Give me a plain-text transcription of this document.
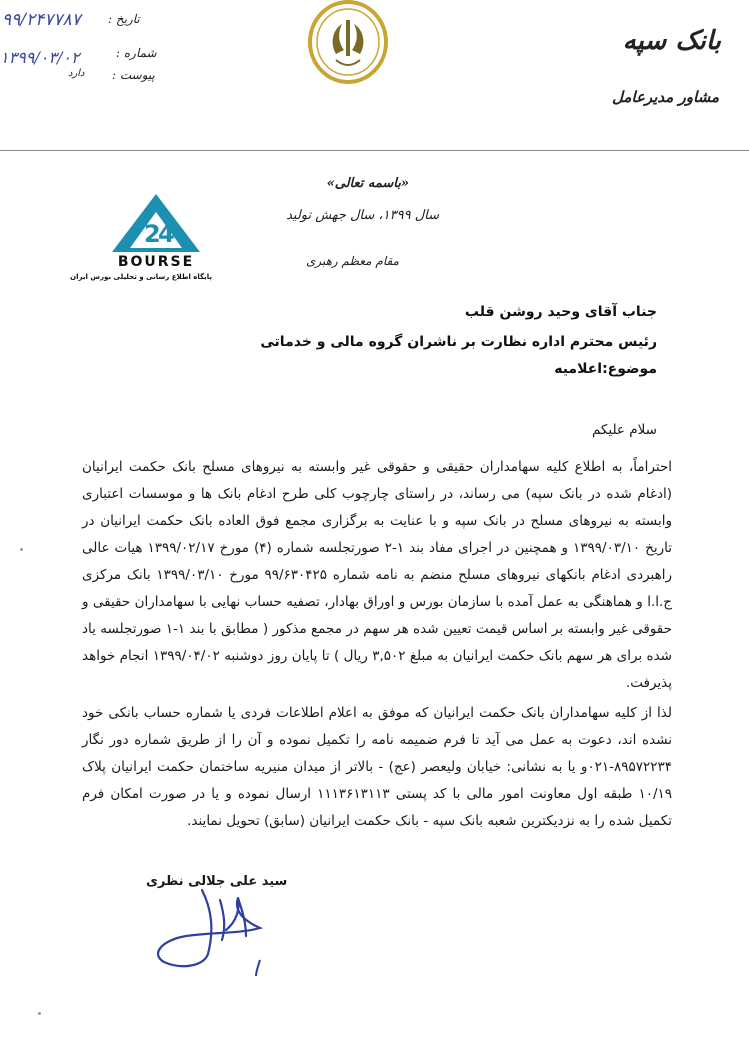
۹۹/۲۴۷۷۸۷ تاریخ :
۱۳۹۹/۰۳/۰۲	شماره :
دارد پیوست :
بانک سپه
مشاور مدیرعامل
2
4
BOURSE
پایگاه اطلاع رسانی و تحلیلی بورس ایران
«باسمه تعالی»
سال ۱۳۹۹، سال جهش تولید
مقام معظم رهبری
جناب آقای وحید روشن قلب
رئیس محترم اداره نظارت بر ناشران گروه مالی و خدماتی
موضوع:اعلامیه
سلام علیکم
احتراماً، به اطلاع کلیه سهامداران حقیقی و حقوقی غیر وابسته به نیروهای مسلح بانک حکمت ایرانیان (ادغام شده در بانک سپه) می رساند، در راستای چارچوب کلی طرح ادغام بانک ها و موسسات اعتباری وابسته به نیروهای مسلح در بانک سپه و با عنایت به برگزاری مجمع فوق العاده بانک حکمت ایرانیان در تاریخ ۱۳۹۹/۰۳/۱۰ و همچنین در اجرای مفاد بند ۱-۲ صورتجلسه شماره (۴) مورخ ۱۳۹۹/۰۲/۱۷ هیات عالی راهبردی ادغام بانکهای نیروهای مسلح منضم به نامه شماره ۹۹/۶۳۰۴۲۵ مورخ ۱۳۹۹/۰۳/۱۰ بانک مرکزی ج.ا.ا و هماهنگی به عمل آمده با سازمان بورس و اوراق بهادار، تصفیه حساب نهایی با سهامداران حقیقی و حقوقی غیر وابسته بر اساس قیمت تعیین شده هر سهم در مجمع مذکور ( مطابق با بند ۱-۱ صورتجلسه یاد شده برای هر سهم بانک حکمت ایرانیان به مبلغ ۳,۵۰۲ ریال ) تا پایان روز دوشنبه ۱۳۹۹/۰۴/۰۲ انجام خواهد پذیرفت.
لذا از کلیه سهامداران بانک حکمت ایرانیان که موفق به اعلام اطلاعات فردی یا شماره حساب بانکی خود نشده اند، دعوت به عمل می آید تا فرم ضمیمه نامه را تکمیل نموده و آن را از طریق شماره دور نگار ۸۹۵۷۲۲۳۴-۰۲۱و یا به نشانی: خیابان ولیعصر (عج) - بالاتر از میدان منیریه ساختمان حکمت ایرانیان پلاک ۱۰/۱۹ طبقه اول معاونت امور مالی با کد پستی ۱۱۱۳۶۱۳۱۱۳ ارسال نموده و یا در صورت امکان فرم تکمیل شده را به نزدیکترین شعبه بانک سپه - بانک حکمت ایرانیان (سابق) تحویل نمایند.
سید علی جلالی نظری
